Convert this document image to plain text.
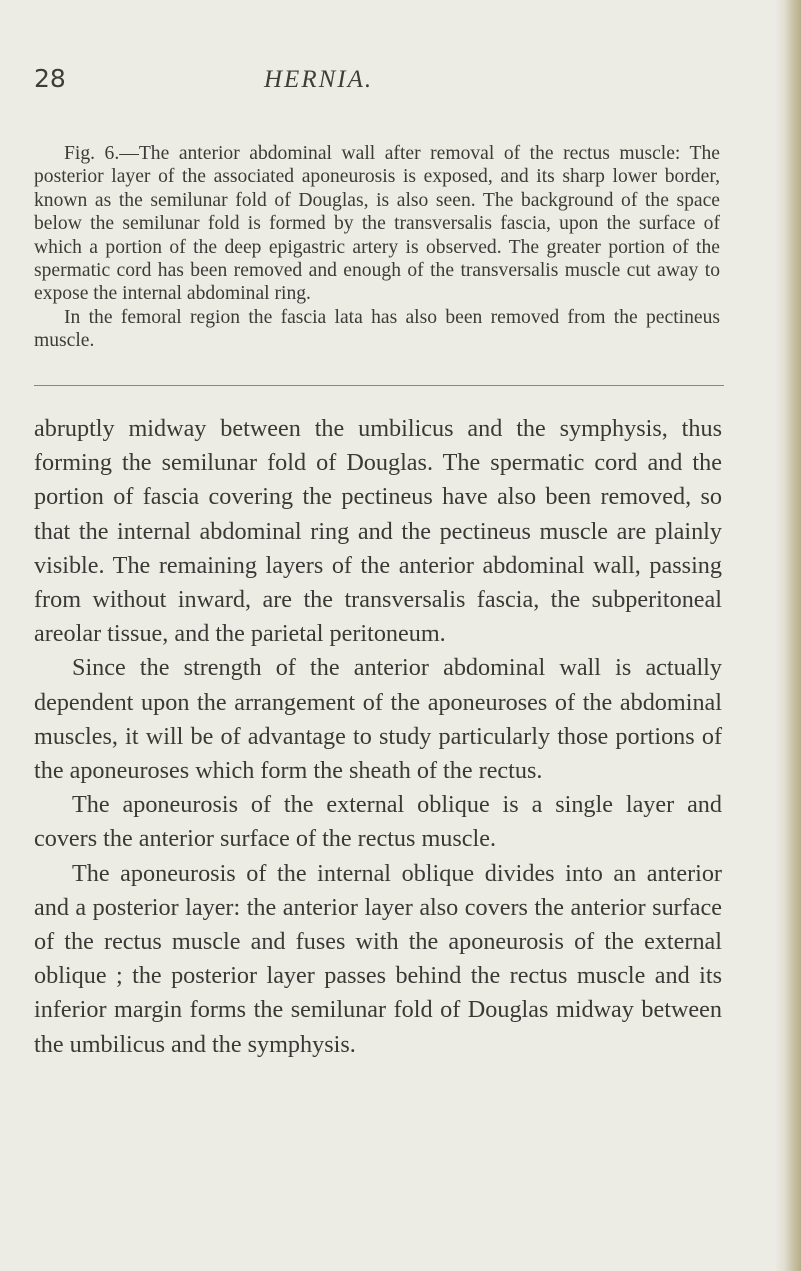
28	HERNIA.

Fig. 6.—The anterior abdominal wall after removal of the rectus muscle: The posterior layer of the associated aponeurosis is exposed, and its sharp lower border, known as the semilunar fold of Douglas, is also seen. The background of the space below the semilunar fold is formed by the transversalis fascia, upon the surface of which a portion of the deep epigastric artery is observed. The greater portion of the spermatic cord has been removed and enough of the transversalis muscle cut away to expose the internal abdominal ring.

In the femoral region the fascia lata has also been removed from the pectineus muscle.

abruptly midway between the umbilicus and the symphysis, thus forming the semilunar fold of Douglas. The spermatic cord and the portion of fascia covering the pectineus have also been removed, so that the internal abdominal ring and the pectineus muscle are plainly visible. The remaining layers of the anterior abdominal wall, passing from without inward, are the transversalis fascia, the subperitoneal areolar tissue, and the parietal peritoneum.

Since the strength of the anterior abdominal wall is actually dependent upon the arrangement of the aponeuroses of the abdominal muscles, it will be of advantage to study particularly those portions of the aponeuroses which form the sheath of the rectus.

The aponeurosis of the external oblique is a single layer and covers the anterior surface of the rectus muscle.

The aponeurosis of the internal oblique divides into an anterior and a posterior layer: the anterior layer also covers the anterior surface of the rectus muscle and fuses with the aponeurosis of the external oblique ; the posterior layer passes behind the rectus muscle and its inferior margin forms the semilunar fold of Douglas midway between the umbilicus and the symphysis.
